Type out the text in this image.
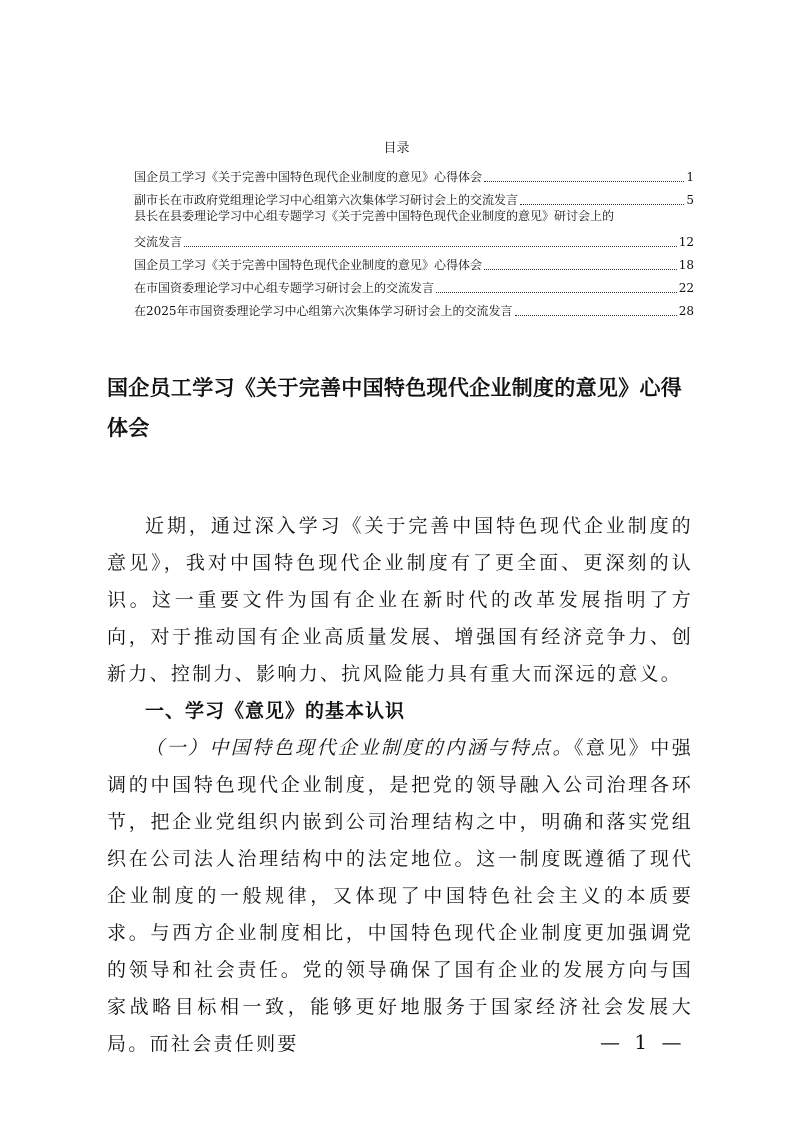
目录
国企员工学习《关于完善中国特色现代企业制度的意见》心得体会	1
副市长在市政府党组理论学习中心组第六次集体学习研讨会上的交流发言	5
县长在县委理论学习中心组专题学习《关于完善中国特色现代企业制度的意见》研讨会上的
交流发言	12
国企员工学习《关于完善中国特色现代企业制度的意见》心得体会	18
在市国资委理论学习中心组专题学习研讨会上的交流发言	22
在2025年市国资委理论学习中心组第六次集体学习研讨会上的交流发言	28
国企员工学习《关于完善中国特色现代企业制度的意见》心得体会

近期，通过深入学习《关于完善中国特色现代企业制度的意见》，我对中国特色现代企业制度有了更全面、更深刻的认识。这一重要文件为国有企业在新时代的改革发展指明了方向，对于推动国有企业高质量发展、增强国有经济竞争力、创新力、控制力、影响力、抗风险能力具有重大而深远的意义。

一、学习《意见》的基本认识

（一）中国特色现代企业制度的内涵与特点。《意见》中强调的中国特色现代企业制度，是把党的领导融入公司治理各环节，把企业党组织内嵌到公司治理结构之中，明确和落实党组织在公司法人治理结构中的法定地位。这一制度既遵循了现代企业制度的一般规律，又体现了中国特色社会主义的本质要求。与西方企业制度相比，中国特色现代企业制度更加强调党的领导和社会责任。党的领导确保了国有企业的发展方向与国家战略目标相一致，能够更好地服务于国家经济社会发展大局。而社会责任则要	— 1 —
